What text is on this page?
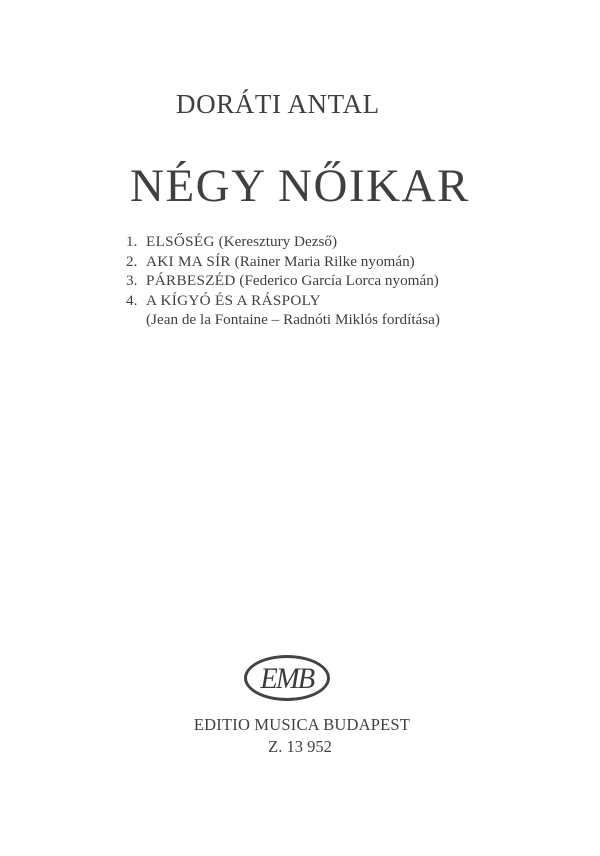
DORÁTI ANTAL
NÉGY NŐIKAR
1. ELSŐSÉG (Keresztury Dezső)
2. AKI MA SÍR (Rainer Maria Rilke nyomán)
3. PÁRBESZÉD (Federico García Lorca nyomán)
4. A KÍGYÓ ÉS A RÁSPOLY
(Jean de la Fontaine – Radnóti Miklós fordítása)
EMB
EDITIO MUSICA BUDAPEST
Z. 13 952
